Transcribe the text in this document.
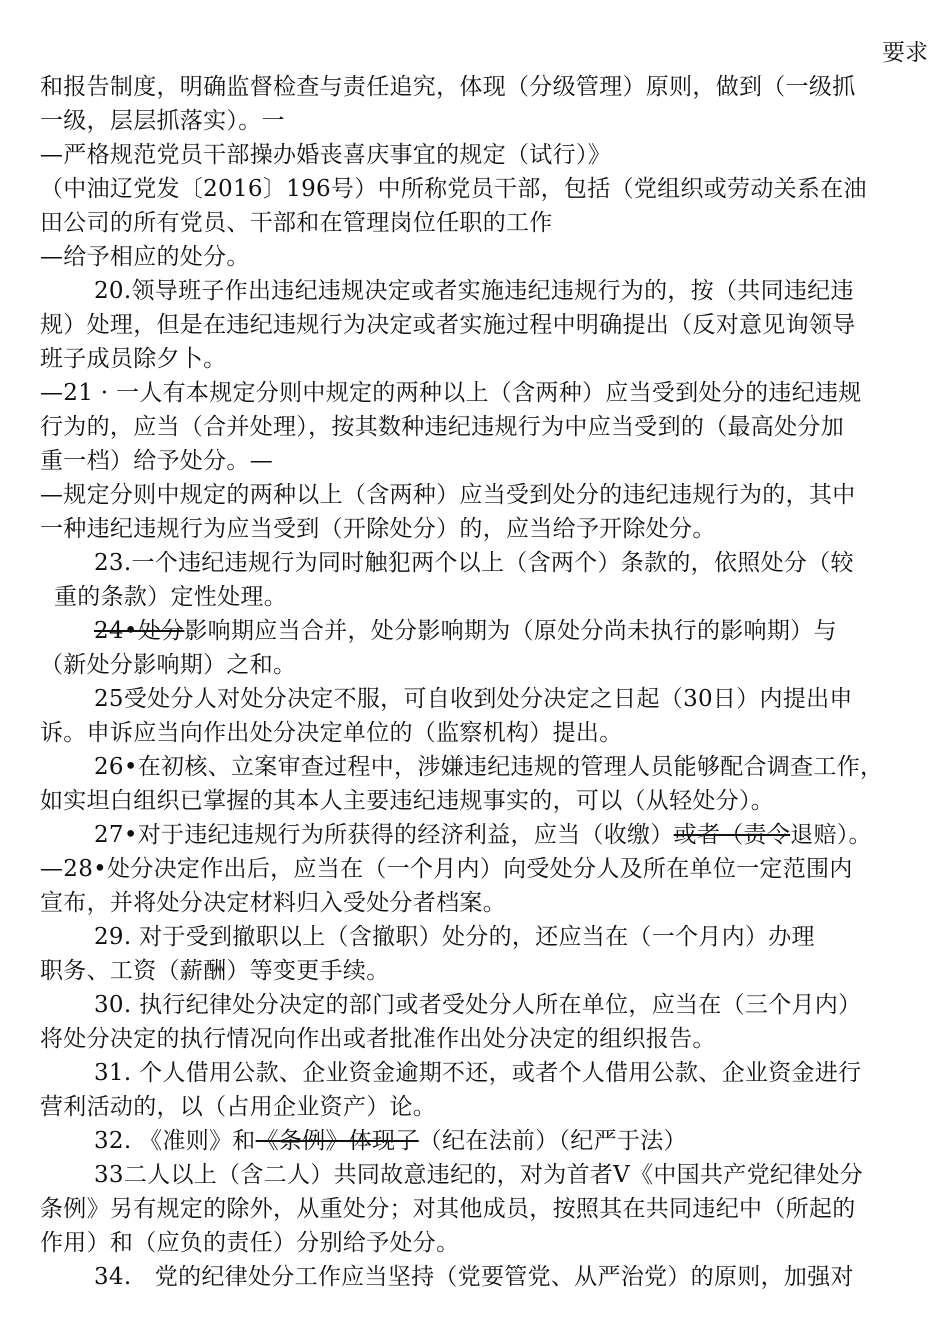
要求
和报告制度，明确监督检查与责任追究，体现（分级管理）原则，做到（一级抓
一级，层层抓落实）。一
—严格规范党员干部操办婚丧喜庆事宜的规定（试行）》
（中油辽党发〔2016〕196号）中所称党员干部，包括（党组织或劳动关系在油
田公司的所有党员、干部和在管理岗位任职的工作
—给予相应的处分。
20.领导班子作出违纪违规决定或者实施违纪违规行为的，按（共同违纪违
规）处理，但是在违纪违规行为决定或者实施过程中明确提出（反对意见询领导
班子成员除夕卜。
—21 · 一人有本规定分则中规定的两种以上（含两种）应当受到处分的违纪违规
行为的，应当（合并处理），按其数种违纪违规行为中应当受到的（最高处分加
重一档）给予处分。—
—规定分则中规定的两种以上（含两种）应当受到处分的违纪违规行为的，其中
一种违纪违规行为应当受到（开除处分）的，应当给予开除处分。
23.一个违纪违规行为同时触犯两个以上（含两个）条款的，依照处分（较
重的条款）定性处理。
24•处分影响期应当合并，处分影响期为（原处分尚未执行的影响期）与
（新处分影响期）之和。
25受处分人对处分决定不服，可自收到处分决定之日起（30日）内提出申
诉。申诉应当向作出处分决定单位的（监察机构）提出。
26•在初核、立案审查过程中，涉嫌违纪违规的管理人员能够配合调查工作，
如实坦白组织已掌握的其本人主要违纪违规事实的，可以（从轻处分）。
27•对于违纪违规行为所获得的经济利益，应当（收缴）或者（责令退赔）。
—28•处分决定作出后，应当在（一个月内）向受处分人及所在单位一定范围内
宣布，并将处分决定材料归入受处分者档案。
29. 对于受到撤职以上（含撤职）处分的，还应当在（一个月内）办理
职务、工资（薪酬）等变更手续。
30. 执行纪律处分决定的部门或者受处分人所在单位，应当在（三个月内）
将处分决定的执行情况向作出或者批准作出处分决定的组织报告。
31. 个人借用公款、企业资金逾期不还，或者个人借用公款、企业资金进行
营利活动的，以（占用企业资产）论。
32. 《准则》和《条例》体现了（纪在法前）（纪严于法）
33二人以上（含二人）共同故意违纪的，对为首者V《中国共产党纪律处分
条例》另有规定的除外，从重处分；对其他成员，按照其在共同违纪中（所起的
作用）和（应负的责任）分别给予处分。
34.　党的纪律处分工作应当坚持（党要管党、从严治党）的原则，加强对
